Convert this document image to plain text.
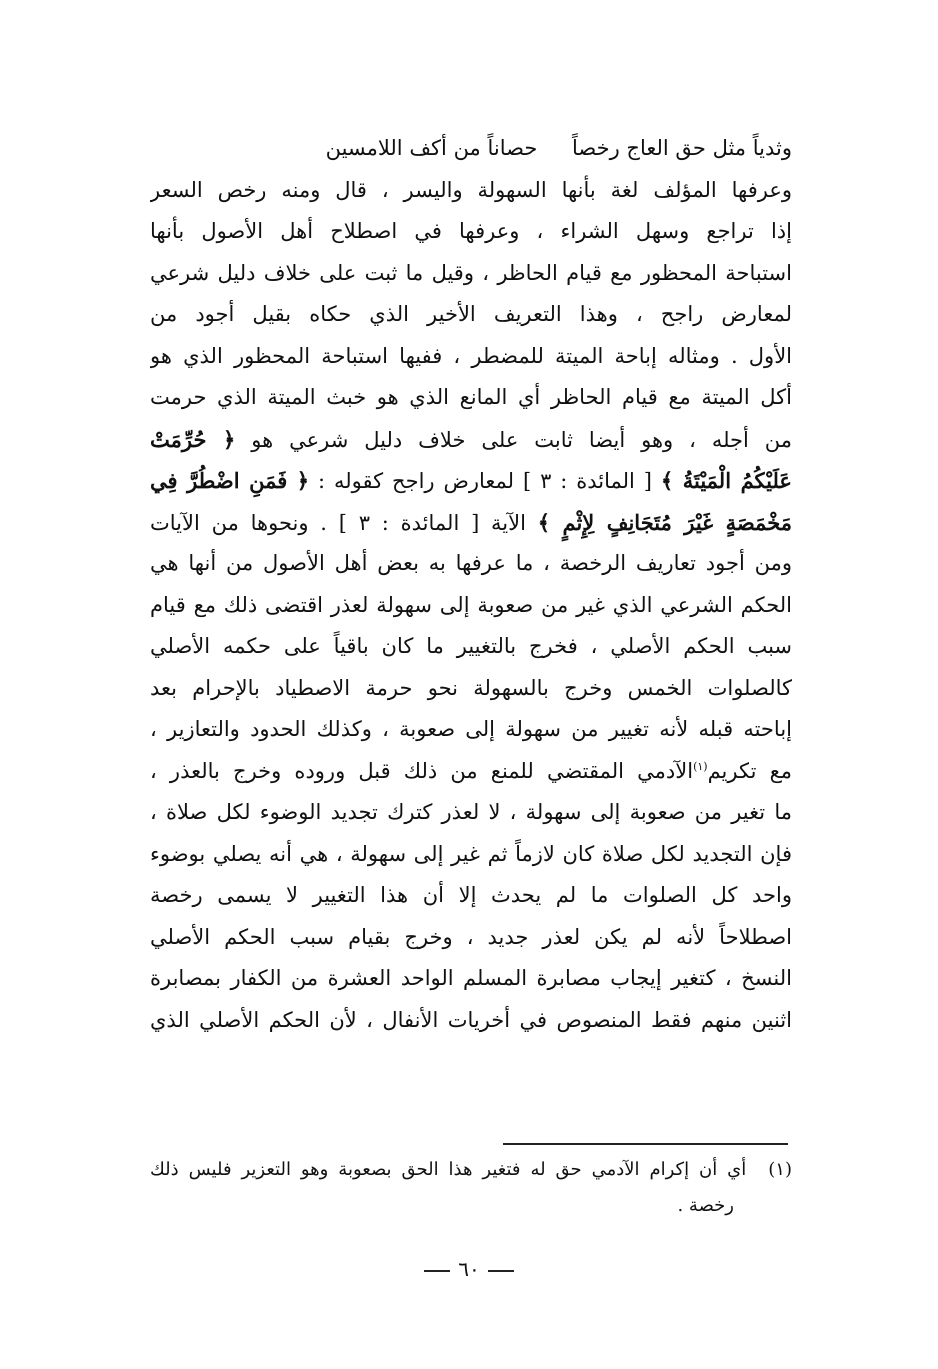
وثدياً مثل حق العاج رخصاً حصاناً من أكف اللامسين
وعرفها المؤلف لغة بأنها السهولة واليسر ، قال ومنه رخص السعر
إذا تراجع وسهل الشراء ، وعرفها في اصطلاح أهل الأصول بأنها
استباحة المحظور مع قيام الحاظر ، وقيل ما ثبت على خلاف دليل شرعي
لمعارض راجح ، وهذا التعريف الأخير الذي حكاه بقيل أجود من
الأول . ومثاله إباحة الميتة للمضطر ، ففيها استباحة المحظور الذي هو
أكل الميتة مع قيام الحاظر أي المانع الذي هو خبث الميتة الذي حرمت
من أجله ، وهو أيضا ثابت على خلاف دليل شرعي هو ﴿ حُرِّمَتْ
عَلَيْكُمُ الْمَيْتَةُ ﴾ [ المائدة : ٣ ] لمعارض راجح كقوله : ﴿ فَمَنِ اضْطُرَّ فِي
مَخْمَصَةٍ غَيْرَ مُتَجَانِفٍ لِإِثْمٍ ﴾ الآية [ المائدة : ٣ ] . ونحوها من الآيات
ومن أجود تعاريف الرخصة ، ما عرفها به بعض أهل الأصول من أنها هي
الحكم الشرعي الذي غير من صعوبة إلى سهولة لعذر اقتضى ذلك مع قيام
سبب الحكم الأصلي ، فخرج بالتغيير ما كان باقياً على حكمه الأصلي
كالصلوات الخمس وخرج بالسهولة نحو حرمة الاصطياد بالإحرام بعد
إباحته قبله لأنه تغيير من سهولة إلى صعوبة ، وكذلك الحدود والتعازير ،
مع تكريم$^{(١)}$الآدمي المقتضي للمنع من ذلك قبل وروده وخرج بالعذر ،
ما تغير من صعوبة إلى سهولة ، لا لعذر كترك تجديد الوضوء لكل صلاة ،
فإن التجديد لكل صلاة كان لازماً ثم غير إلى سهولة ، هي أنه يصلي بوضوء
واحد كل الصلوات ما لم يحدث إلا أن هذا التغيير لا يسمى رخصة
اصطلاحاً لأنه لم يكن لعذر جديد ، وخرج بقيام سبب الحكم الأصلي
النسخ ، كتغير إيجاب مصابرة المسلم الواحد العشرة من الكفار بمصابرة
اثنين منهم فقط المنصوص في أخريات الأنفال ، لأن الحكم الأصلي الذي
(١)أي أن إكرام الآدمي حق له فتغير هذا الحق بصعوبة وهو التعزير فليس ذلك
رخصة .
٦٠
